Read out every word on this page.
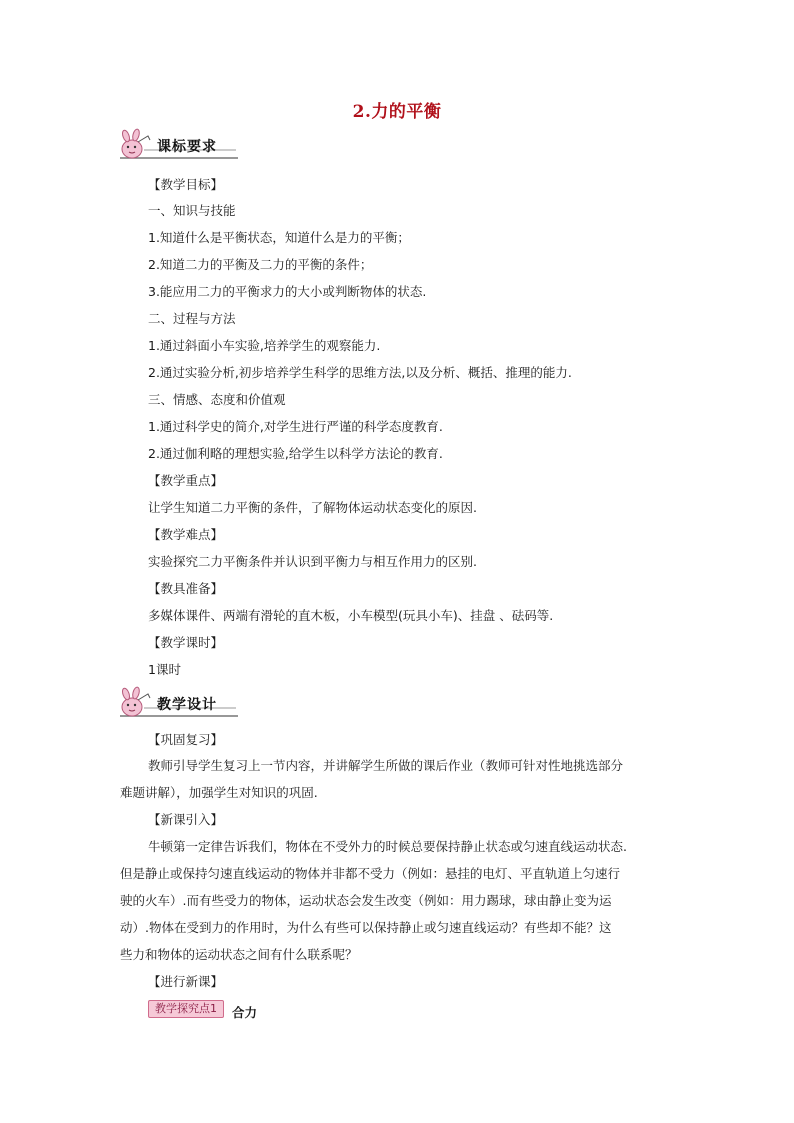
2.力的平衡
课标要求
【教学目标】
一、知识与技能
1.知道什么是平衡状态，知道什么是力的平衡；
2.知道二力的平衡及二力的平衡的条件；
3.能应用二力的平衡求力的大小或判断物体的状态.
二、过程与方法
1.通过斜面小车实验,培养学生的观察能力.
2.通过实验分析,初步培养学生科学的思维方法,以及分析、概括、推理的能力.
三、情感、态度和价值观
1.通过科学史的简介,对学生进行严谨的科学态度教育.
2.通过伽利略的理想实验,给学生以科学方法论的教育.
【教学重点】
让学生知道二力平衡的条件，了解物体运动状态变化的原因.
【教学难点】
实验探究二力平衡条件并认识到平衡力与相互作用力的区别.
【教具准备】
多媒体课件、两端有滑轮的直木板，小车模型(玩具小车)、挂盘 、砝码等.
【教学课时】
1课时
教学设计
【巩固复习】
教师引导学生复习上一节内容，并讲解学生所做的课后作业（教师可针对性地挑选部分
难题讲解），加强学生对知识的巩固.
【新课引入】
牛顿第一定律告诉我们，物体在不受外力的时候总要保持静止状态或匀速直线运动状态.
但是静止或保持匀速直线运动的物体并非都不受力（例如：悬挂的电灯、平直轨道上匀速行
驶的火车）.而有些受力的物体，运动状态会发生改变（例如：用力踢球，球由静止变为运
动）.物体在受到力的作用时，为什么有些可以保持静止或匀速直线运动？有些却不能？这
些力和物体的运动状态之间有什么联系呢？
【进行新课】
教学探究点1	合力
